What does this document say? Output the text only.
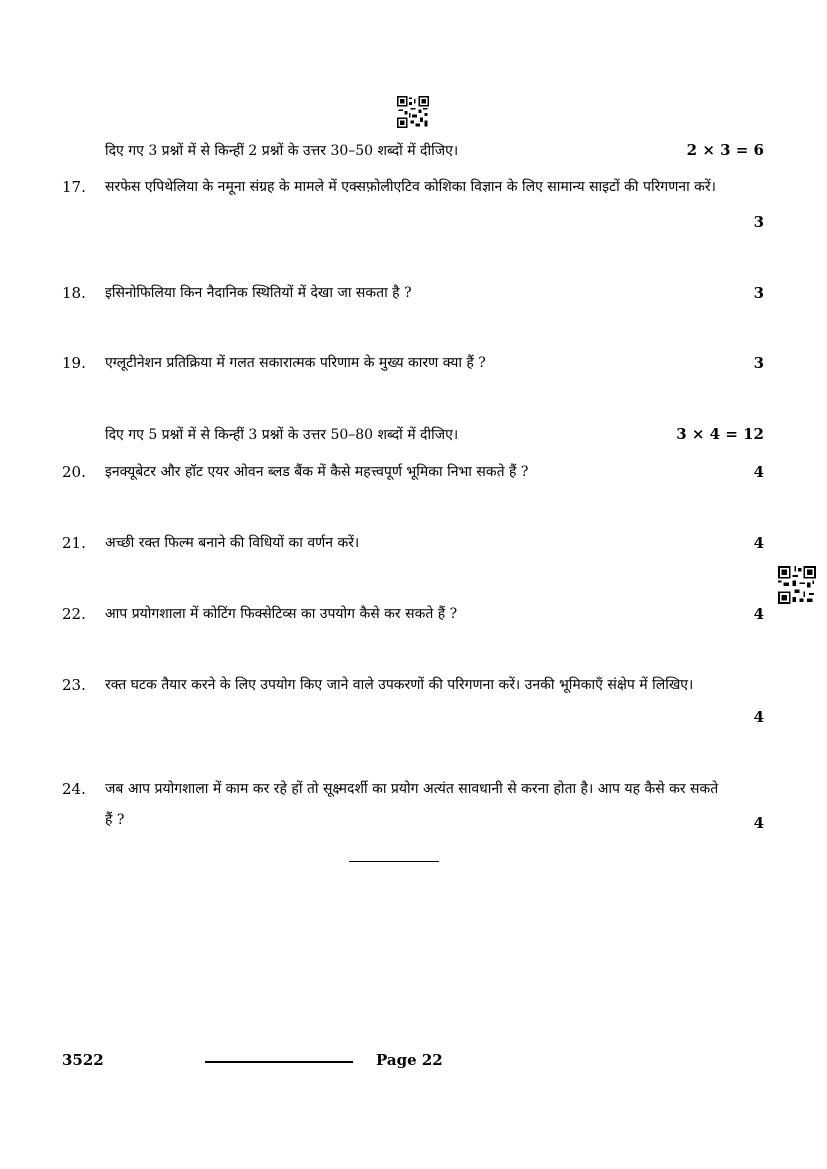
दिए गए 3 प्रश्नों में से किन्हीं 2 प्रश्नों के उत्तर 30–50 शब्दों में दीजिए।	2 × 3 = 6
17. सरफेस एपिथेलिया के नमूना संग्रह के मामले में एक्सफ़ोलीएटिव कोशिका विज्ञान के लिए सामान्य साइटों की परिगणना करें।
3
18. इसिनोफिलिया किन नैदानिक स्थितियों में देखा जा सकता है ?	3
19. एग्लूटीनेशन प्रतिक्रिया में गलत सकारात्मक परिणाम के मुख्य कारण क्या हैं ?	3
दिए गए 5 प्रश्नों में से किन्हीं 3 प्रश्नों के उत्तर 50–80 शब्दों में दीजिए।	3 × 4 = 12
20. इनक्यूबेटर और हॉट एयर ओवन ब्लड बैंक में कैसे महत्त्वपूर्ण भूमिका निभा सकते हैं ?	4
21. अच्छी रक्त फिल्म बनाने की विधियों का वर्णन करें।	4
22. आप प्रयोगशाला में कोटिंग फिक्सेटिव्स का उपयोग कैसे कर सकते हैं ?	4
23. रक्त घटक तैयार करने के लिए उपयोग किए जाने वाले उपकरणों की परिगणना करें। उनकी भूमिकाएँ संक्षेप में लिखिए।
4
24. जब आप प्रयोगशाला में काम कर रहे हों तो सूक्ष्मदर्शी का प्रयोग अत्यंत सावधानी से करना होता है। आप यह कैसे कर सकते हैं ?	4
3522	Page 22
